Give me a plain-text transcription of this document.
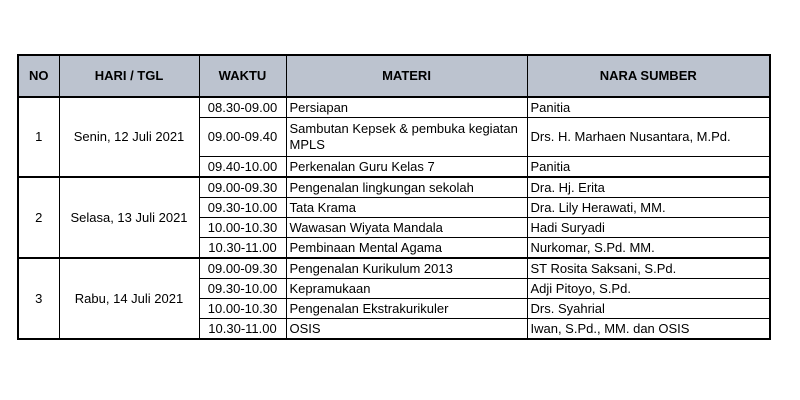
NO	HARI / TGL	WAKTU	MATERI	NARA SUMBER
1	Senin, 12 Juli 2021	08.30-09.00	Persiapan	Panitia
		09.00-09.40	Sambutan Kepsek & pembuka kegiatan MPLS	Drs. H. Marhaen Nusantara, M.Pd.
		09.40-10.00	Perkenalan Guru Kelas 7	Panitia
2	Selasa, 13 Juli 2021	09.00-09.30	Pengenalan lingkungan sekolah	Dra. Hj. Erita
		09.30-10.00	Tata Krama	Dra. Lily Herawati, MM.
		10.00-10.30	Wawasan Wiyata Mandala	Hadi Suryadi
		10.30-11.00	Pembinaan Mental Agama	Nurkomar, S.Pd. MM.
3	Rabu, 14 Juli 2021	09.00-09.30	Pengenalan Kurikulum 2013	ST Rosita Saksani, S.Pd.
		09.30-10.00	Kepramukaan	Adji Pitoyo, S.Pd.
		10.00-10.30	Pengenalan Ekstrakurikuler	Drs. Syahrial
		10.30-11.00	OSIS	Iwan, S.Pd., MM. dan OSIS
